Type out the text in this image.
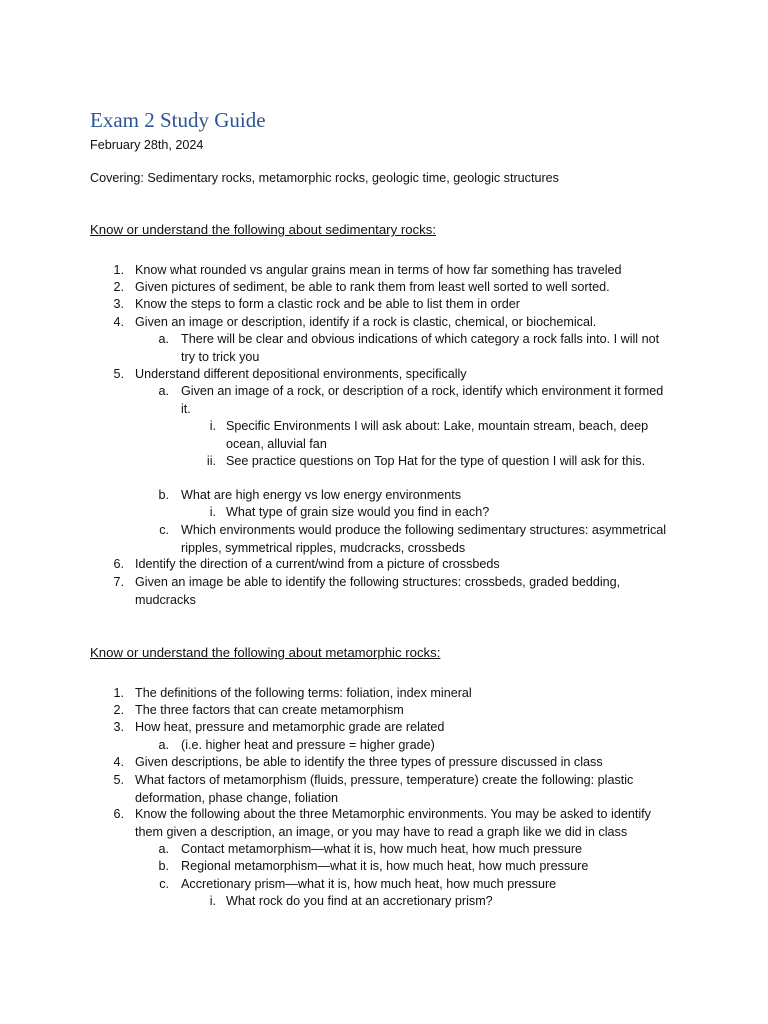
Exam 2 Study Guide
February 28th, 2024
Covering: Sedimentary rocks, metamorphic rocks, geologic time, geologic structures
Know or understand the following about sedimentary rocks:
1. Know what rounded vs angular grains mean in terms of how far something has traveled
2. Given pictures of sediment, be able to rank them from least well sorted to well sorted.
3. Know the steps to form a clastic rock and be able to list them in order
4. Given an image or description, identify if a rock is clastic, chemical, or biochemical.
a. There will be clear and obvious indications of which category a rock falls into. I will not
try to trick you
5. Understand different depositional environments, specifically
a. Given an image of a rock, or description of a rock, identify which environment it formed
it.
i. Specific Environments I will ask about: Lake, mountain stream, beach, deep
ocean, alluvial fan
ii. See practice questions on Top Hat for the type of question I will ask for this.
b. What are high energy vs low energy environments
i. What type of grain size would you find in each?
c. Which environments would produce the following sedimentary structures: asymmetrical
ripples, symmetrical ripples, mudcracks, crossbeds
6. Identify the direction of a current/wind from a picture of crossbeds
7. Given an image be able to identify the following structures: crossbeds, graded bedding,
mudcracks
Know or understand the following about metamorphic rocks:
1. The definitions of the following terms: foliation, index mineral
2. The three factors that can create metamorphism
3. How heat, pressure and metamorphic grade are related
a. (i.e. higher heat and pressure = higher grade)
4. Given descriptions, be able to identify the three types of pressure discussed in class
5. What factors of metamorphism (fluids, pressure, temperature) create the following: plastic
deformation, phase change, foliation
6. Know the following about the three Metamorphic environments. You may be asked to identify
them given a description, an image, or you may have to read a graph like we did in class
a. Contact metamorphism—what it is, how much heat, how much pressure
b. Regional metamorphism—what it is, how much heat, how much pressure
c. Accretionary prism—what it is, how much heat, how much pressure
i. What rock do you find at an accretionary prism?
